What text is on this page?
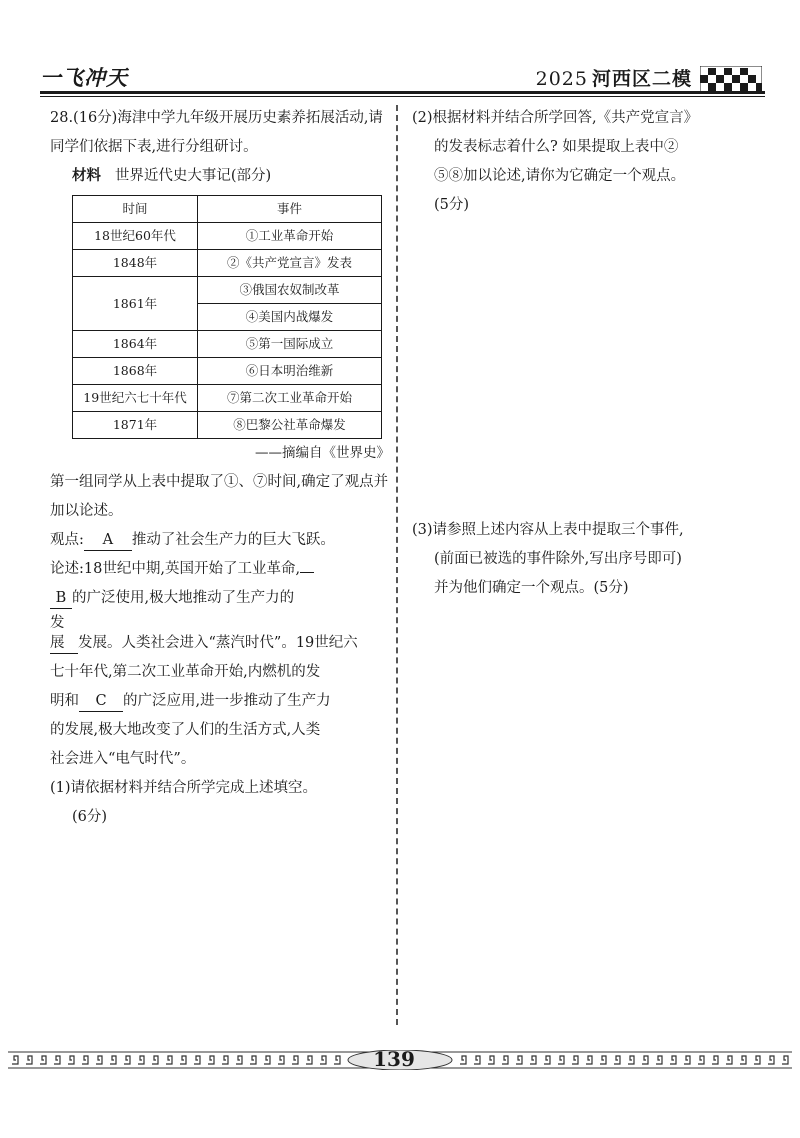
一飞冲天	2025 河西区二模

28.(16分)海津中学九年级开展历史素养拓展活动,请同学们依据下表,进行分组研讨。

材料 世界近代史大事记(部分)

时间	事件
18世纪60年代	①工业革命开始
1848年	②《共产党宣言》发表
1861年	③俄国农奴制改革
	④美国内战爆发
1864年	⑤第一国际成立
1868年	⑥日本明治维新
19世纪六七十年代	⑦第二次工业革命开始
1871年	⑧巴黎公社革命爆发

——摘编自《世界史》

第一组同学从上表中提取了①、⑦时间,确定了观点并加以论述。

观点: A 推动了社会生产力的巨大飞跃。

论述:18世纪中期,英国开始了工业革命,

B 的广泛使用,极大地推动了生产力的

发展 发展。人类社会进入“蒸汽时代”。19世纪六

七十年代,第二次工业革命开始,内燃机的发

明和 C 的广泛应用,进一步推动了生产力

的发展,极大地改变了人们的生活方式,人类

社会进入“电气时代”。

(1)请依据材料并结合所学完成上述填空。

(6分)

(2)根据材料并结合所学回答,《共产党宣言》

的发表标志着什么? 如果提取上表中②

⑤⑧加以论述,请你为它确定一个观点。

(5分)

(3)请参照上述内容从上表中提取三个事件,

(前面已被选的事件除外,写出序号即可)

并为他们确定一个观点。(5分)

139
